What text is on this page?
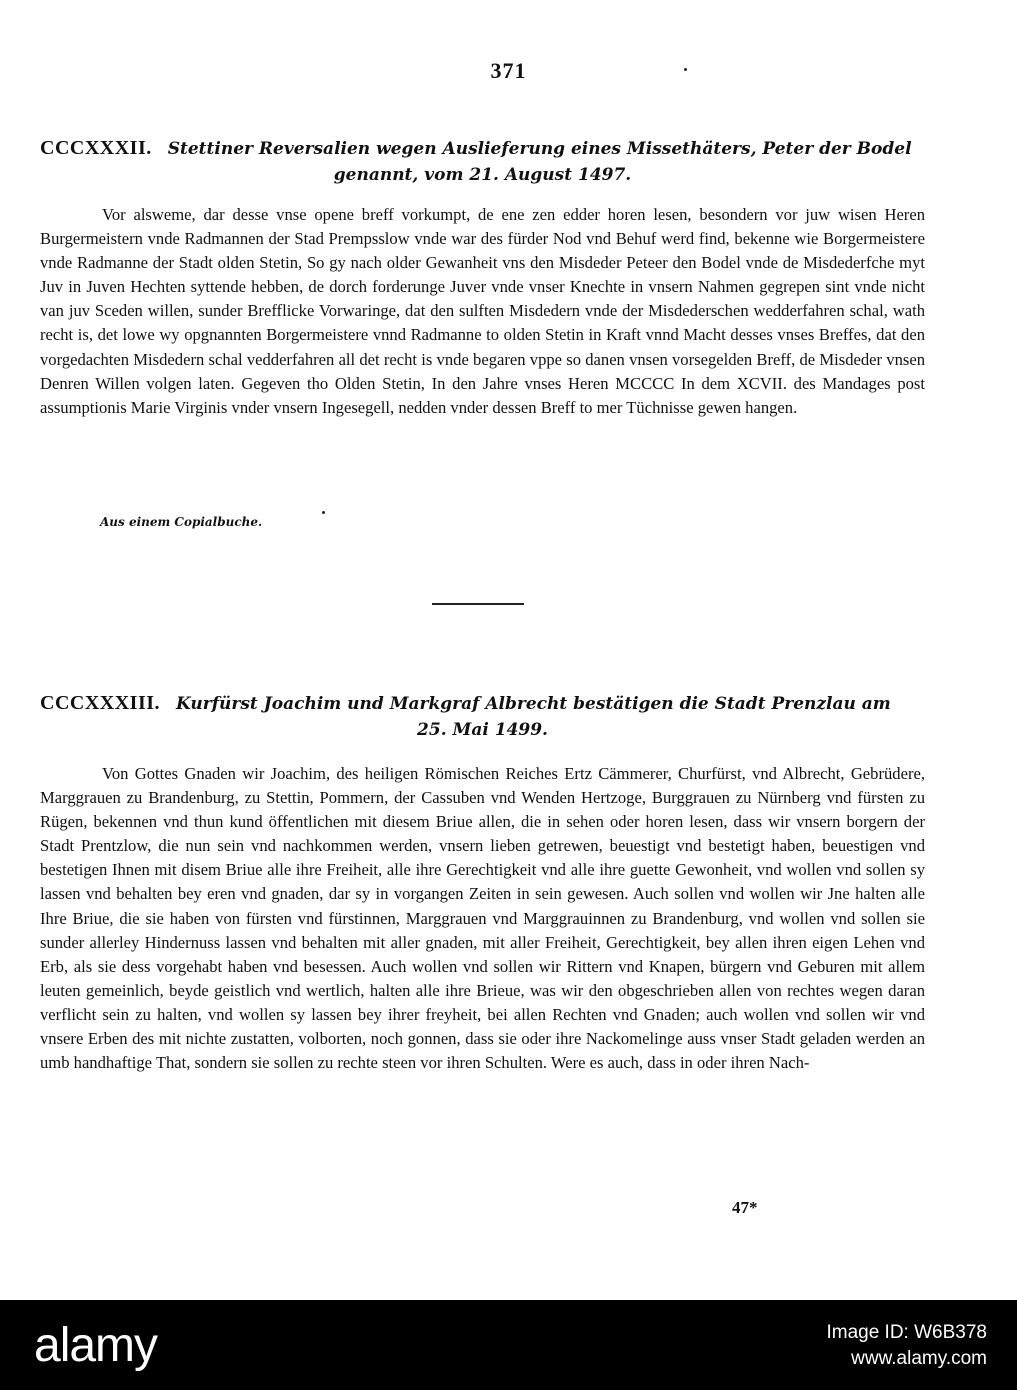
371
CCCXXXII. Stettiner Reversalien wegen Auslieferung eines Missethäters, Peter der Bodel
genannt, vom 21. August 1497.
Vor alsweme, dar desse vnse opene breff vorkumpt, de ene zen edder horen lesen, besondern vor juw wisen Heren Burgermeistern vnde Radmannen der Stad Prempsslow vnde war des fürder Nod vnd Behuf werd find, bekenne wie Borgermeistere vnde Radmanne der Stadt olden Stetin, So gy nach older Gewanheit vns den Misdeder Peteer den Bodel vnde de Misdederfche myt Juv in Juven Hechten syttende hebben, de dorch forderunge Juver vnde vnser Knechte in vnsern Nahmen gegrepen sint vnde nicht van juv Sceden willen, sunder Brefflicke Vorwaringe, dat den sulften Misdedern vnde der Misdederschen wedderfahren schal, wath recht is, det lowe wy opgnannten Borgermeistere vnnd Radmanne to olden Stetin in Kraft vnnd Macht desses vnses Breffes, dat den vorgedachten Misdedern schal vedderfahren all det recht is vnde begaren vppe so danen vnsen vorsegelden Breff, de Misdeder vnsen Denren Willen volgen laten. Gegeven tho Olden Stetin, In den Jahre vnses Heren MCCCC In dem XCVII. des Mandages post assumptionis Marie Virginis vnder vnsern Ingesegell, nedden vnder dessen Breff to mer Tüchnisse gewen hangen.
Aus einem Copialbuche.
CCCXXXIII. Kurfürst Joachim und Markgraf Albrecht bestätigen die Stadt Prenzlau am
25. Mai 1499.
Von Gottes Gnaden wir Joachim, des heiligen Römischen Reiches Ertz Cämmerer, Churfürst, vnd Albrecht, Gebrüdere, Marggrauen zu Brandenburg, zu Stettin, Pommern, der Cassuben vnd Wenden Hertzoge, Burggrauen zu Nürnberg vnd fürsten zu Rügen, bekennen vnd thun kund öffentlichen mit diesem Briue allen, die in sehen oder horen lesen, dass wir vnsern borgern der Stadt Prentzlow, die nun sein vnd nachkommen werden, vnsern lieben getrewen, beuestigt vnd bestetigt haben, beuestigen vnd bestetigen Ihnen mit disem Briue alle ihre Freiheit, alle ihre Gerechtigkeit vnd alle ihre guette Gewonheit, vnd wollen vnd sollen sy lassen vnd behalten bey eren vnd gnaden, dar sy in vorgangen Zeiten in sein gewesen. Auch sollen vnd wollen wir Jne halten alle Ihre Briue, die sie haben von fürsten vnd fürstinnen, Marggrauen vnd Marggrauinnen zu Brandenburg, vnd wollen vnd sollen sie sunder allerley Hindernuss lassen vnd behalten mit aller gnaden, mit aller Freiheit, Gerechtigkeit, bey allen ihren eigen Lehen vnd Erb, als sie dess vorgehabt haben vnd besessen. Auch wollen vnd sollen wir Rittern vnd Knapen, bürgern vnd Geburen mit allem leuten gemeinlich, beyde geistlich vnd wertlich, halten alle ihre Brieue, was wir den obgeschrieben allen von rechtes wegen daran verflicht sein zu halten, vnd wollen sy lassen bey ihrer freyheit, bei allen Rechten vnd Gnaden; auch wollen vnd sollen wir vnd vnsere Erben des mit nichte zustatten, volborten, noch gonnen, dass sie oder ihre Nackomelinge auss vnser Stadt geladen werden an umb handhaftige That, sondern sie sollen zu rechte steen vor ihren Schulten. Were es auch, dass in oder ihren Nach-
47*
alamy	Image ID: W6B378
www.alamy.com
